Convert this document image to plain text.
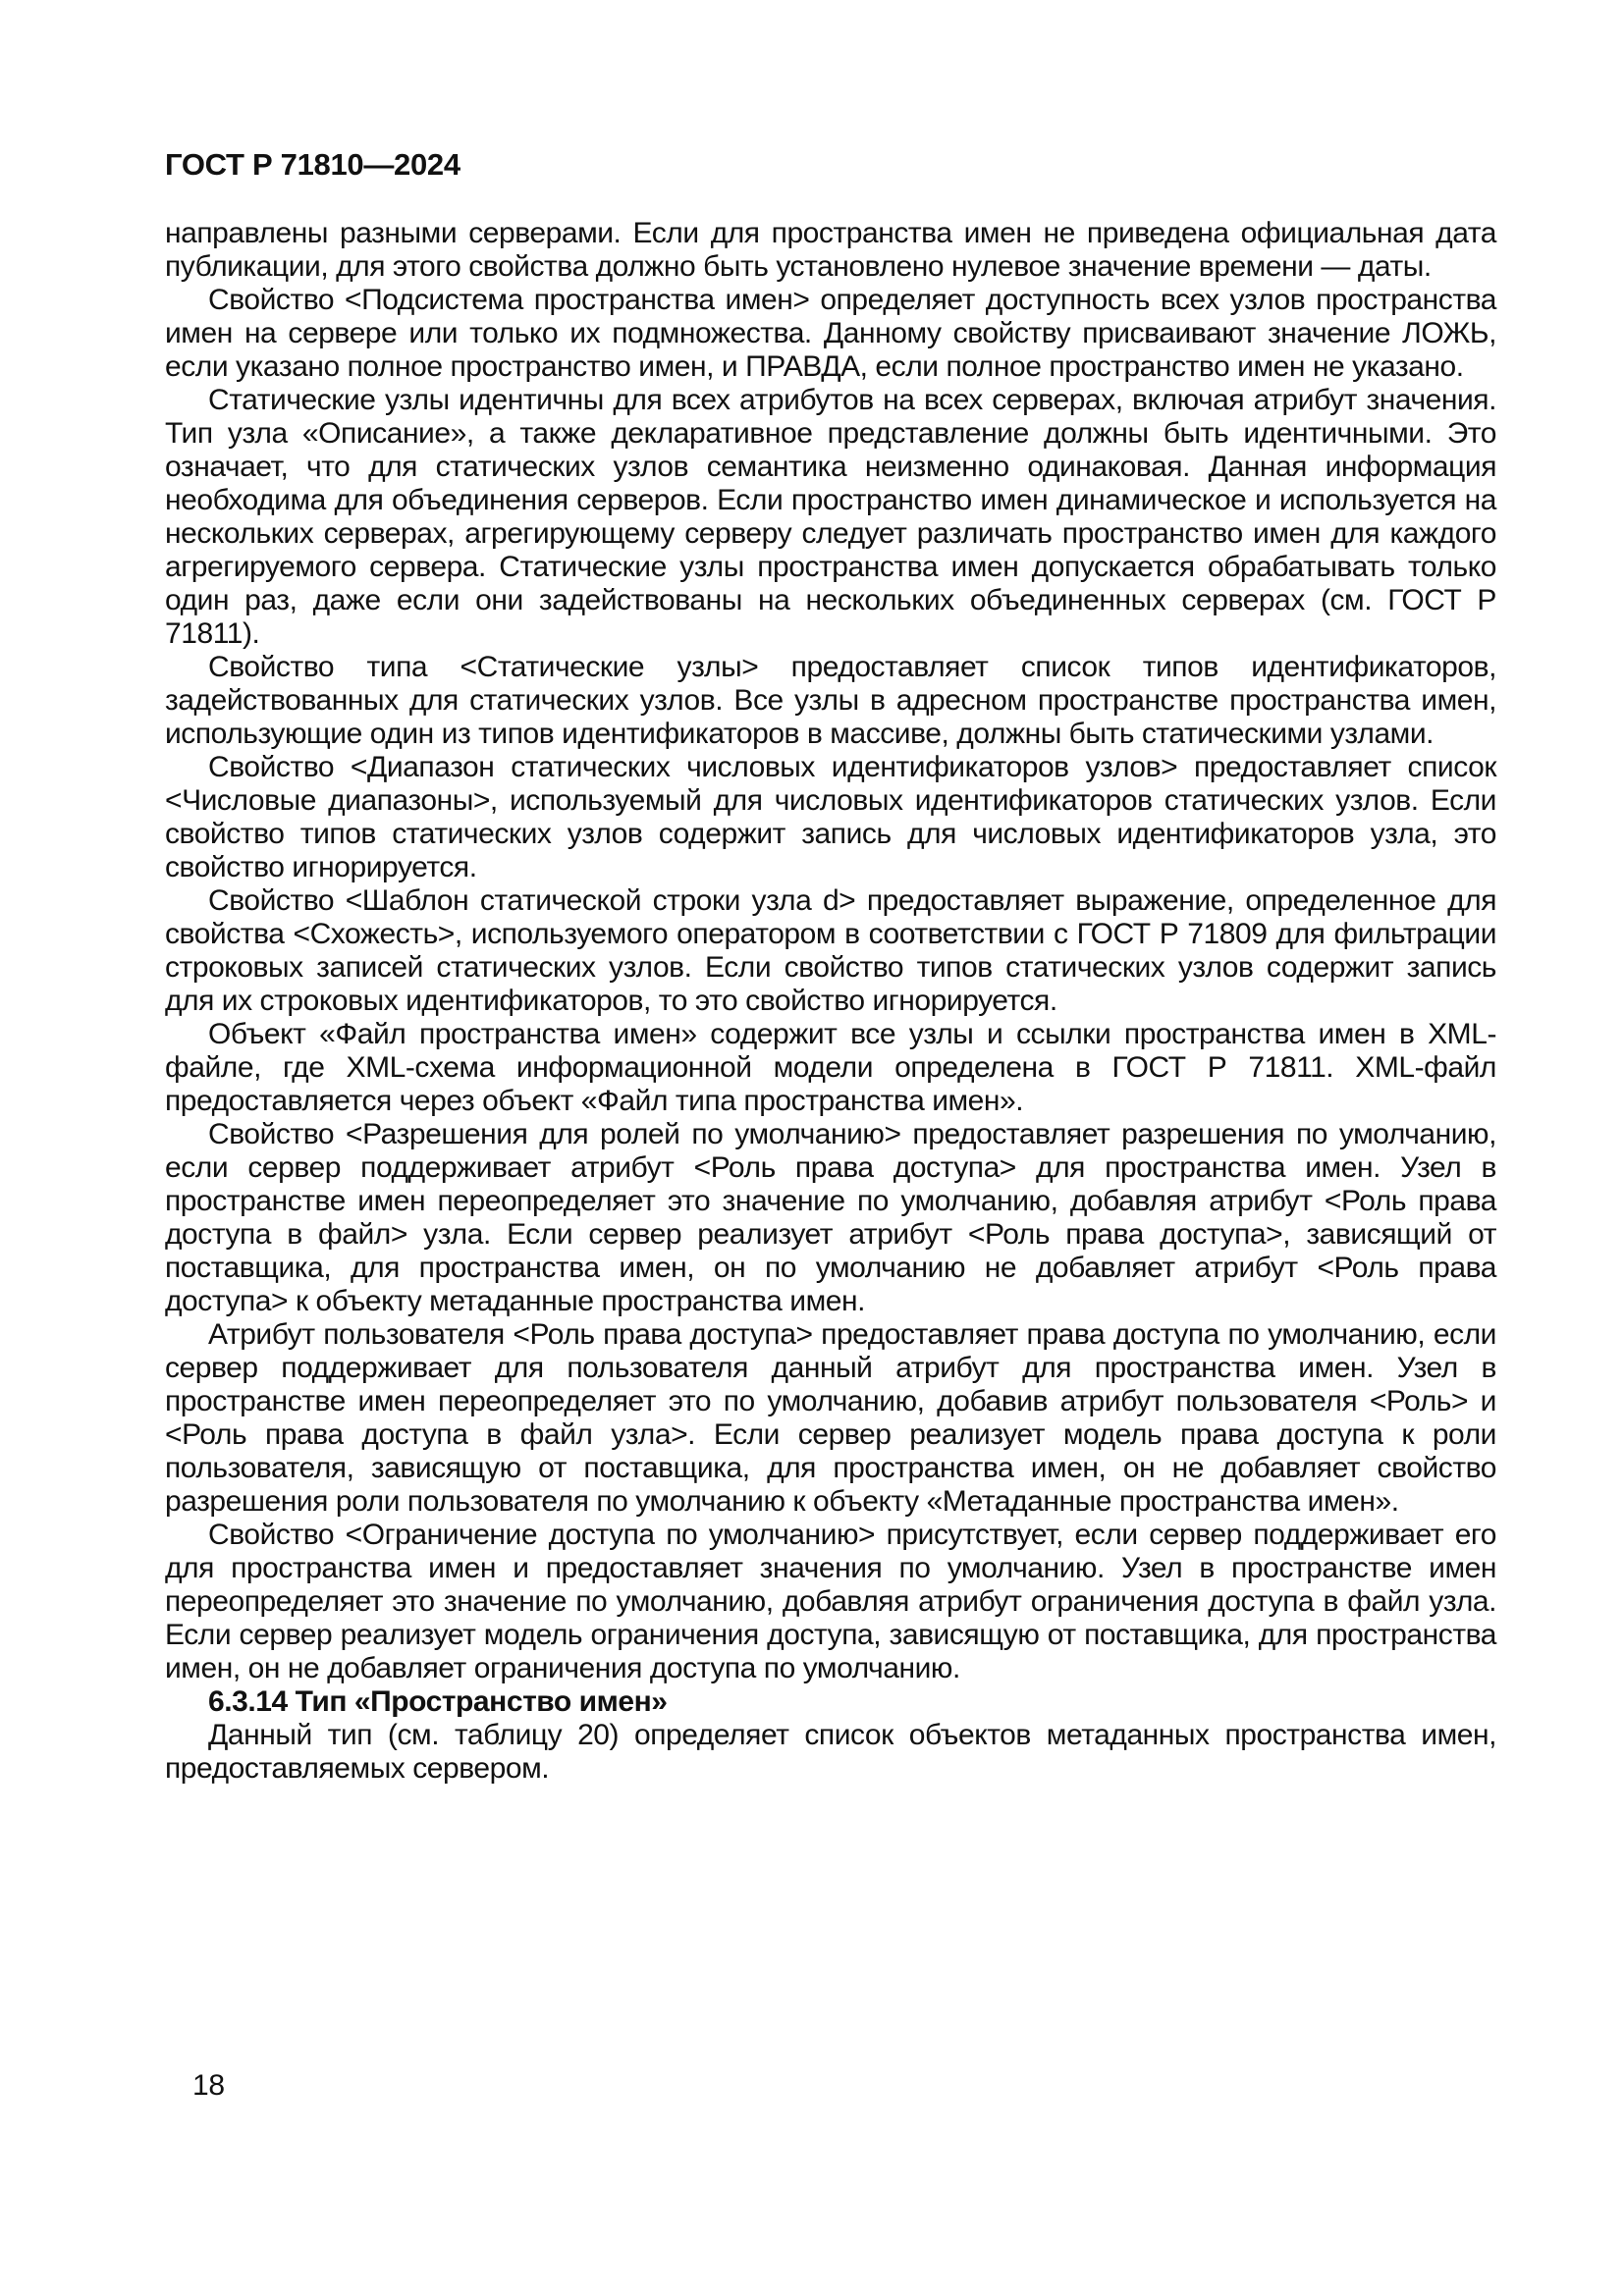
ГОСТ Р 71810—2024

направлены разными серверами. Если для пространства имен не приведена официальная дата публикации, для этого свойства должно быть установлено нулевое значение времени — даты.

Свойство <Подсистема пространства имен> определяет доступность всех узлов пространства имен на сервере или только их подмножества. Данному свойству присваивают значение ЛОЖЬ, если указано полное пространство имен, и ПРАВДА, если полное пространство имен не указано.

Статические узлы идентичны для всех атрибутов на всех серверах, включая атрибут значения. Тип узла «Описание», а также декларативное представление должны быть идентичными. Это означает, что для статических узлов семантика неизменно одинаковая. Данная информация необходима для объединения серверов. Если пространство имен динамическое и используется на нескольких серверах, агрегирующему серверу следует различать пространство имен для каждого агрегируемого сервера. Статические узлы пространства имен допускается обрабатывать только один раз, даже если они задействованы на нескольких объединенных серверах (см. ГОСТ Р 71811).

Свойство типа <Статические узлы> предоставляет список типов идентификаторов, задействованных для статических узлов. Все узлы в адресном пространстве пространства имен, использующие один из типов идентификаторов в массиве, должны быть статическими узлами.

Свойство <Диапазон статических числовых идентификаторов узлов> предоставляет список <Числовые диапазоны>, используемый для числовых идентификаторов статических узлов. Если свойство типов статических узлов содержит запись для числовых идентификаторов узла, это свойство игнорируется.

Свойство <Шаблон статической строки узла d> предоставляет выражение, определенное для свойства <Схожесть>, используемого оператором в соответствии с ГОСТ Р 71809 для фильтрации строковых записей статических узлов. Если свойство типов статических узлов содержит запись для их строковых идентификаторов, то это свойство игнорируется.

Объект «Файл пространства имен» содержит все узлы и ссылки пространства имен в XML-файле, где XML-схема информационной модели определена в ГОСТ Р 71811. XML-файл предоставляется через объект «Файл типа пространства имен».

Свойство <Разрешения для ролей по умолчанию> предоставляет разрешения по умолчанию, если сервер поддерживает атрибут <Роль права доступа> для пространства имен. Узел в пространстве имен переопределяет это значение по умолчанию, добавляя атрибут <Роль права доступа в файл> узла. Если сервер реализует атрибут <Роль права доступа>, зависящий от поставщика, для пространства имен, он по умолчанию не добавляет атрибут <Роль права доступа> к объекту метаданные пространства имен.

Атрибут пользователя <Роль права доступа> предоставляет права доступа по умолчанию, если сервер поддерживает для пользователя данный атрибут для пространства имен. Узел в пространстве имен переопределяет это по умолчанию, добавив атрибут пользователя <Роль> и <Роль права доступа в файл узла>. Если сервер реализует модель права доступа к роли пользователя, зависящую от поставщика, для пространства имен, он не добавляет свойство разрешения роли пользователя по умолчанию к объекту «Метаданные пространства имен».

Свойство <Ограничение доступа по умолчанию> присутствует, если сервер поддерживает его для пространства имен и предоставляет значения по умолчанию. Узел в пространстве имен переопределяет это значение по умолчанию, добавляя атрибут ограничения доступа в файл узла. Если сервер реализует модель ограничения доступа, зависящую от поставщика, для пространства имен, он не добавляет ограничения доступа по умолчанию.

6.3.14 Тип «Пространство имен»

Данный тип (см. таблицу 20) определяет список объектов метаданных пространства имен, предоставляемых сервером.

18
